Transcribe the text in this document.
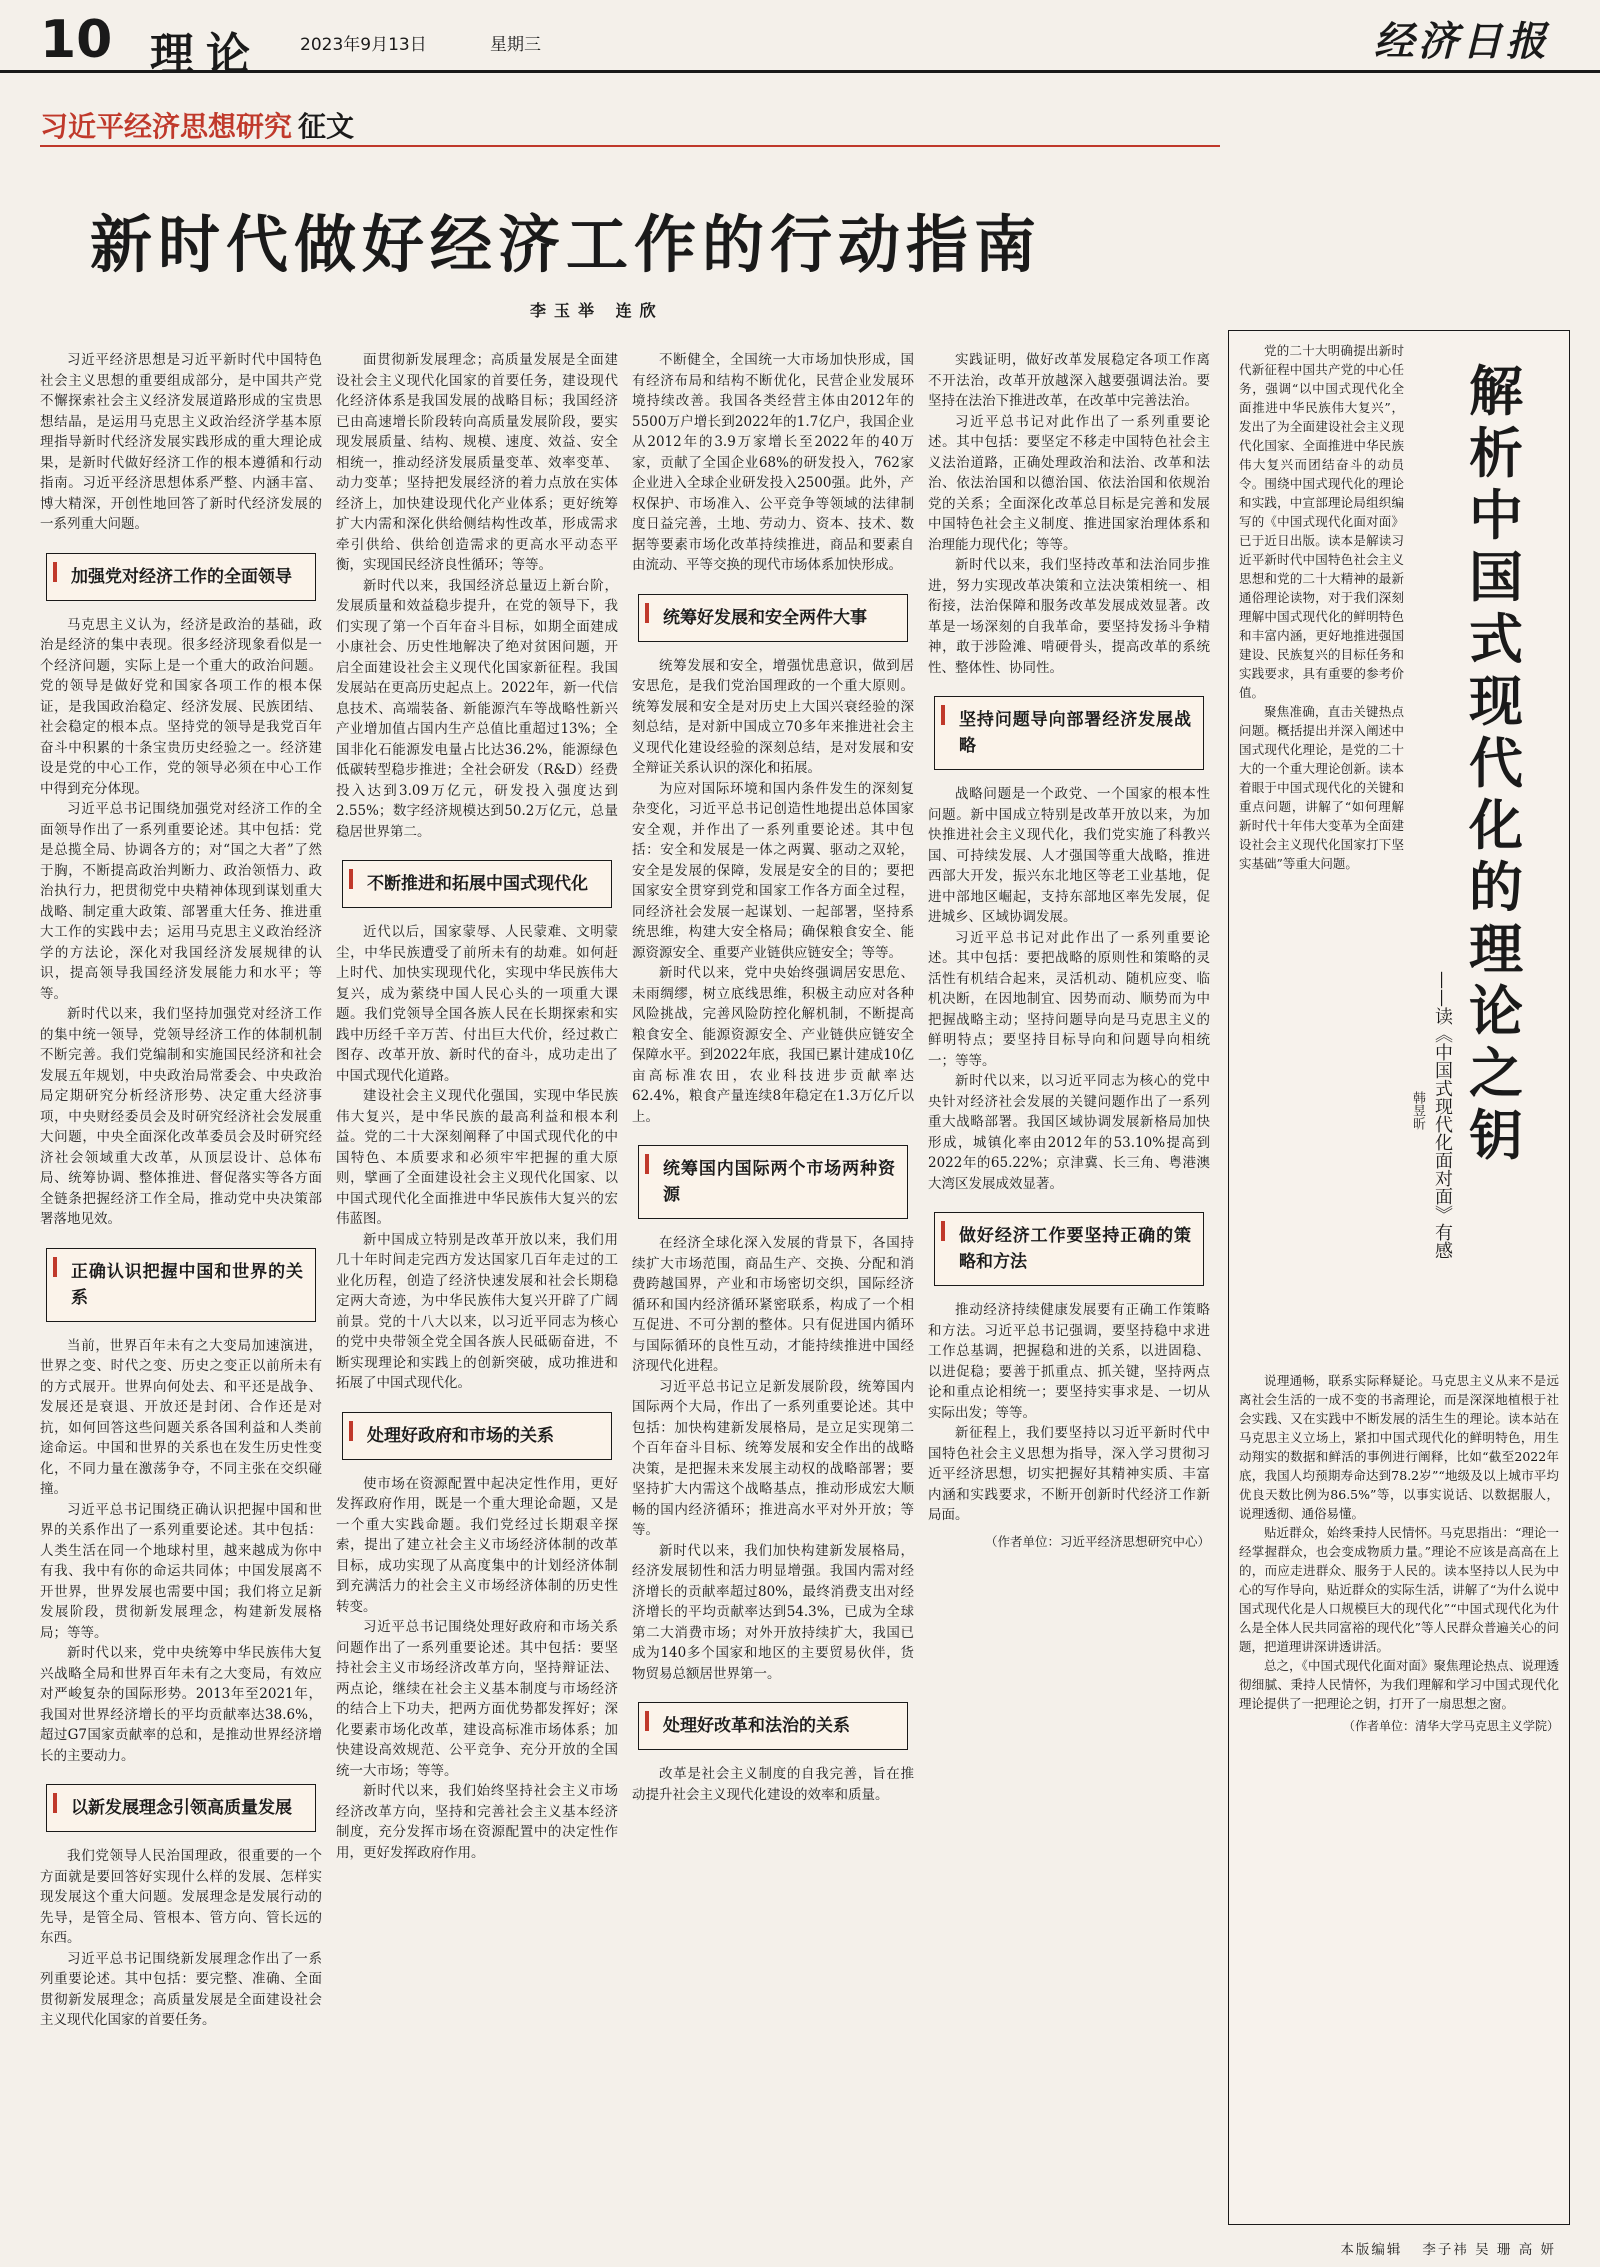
10 理论 2023年9月13日	星期三	经济日报
习近平经济思想研究 征文
新时代做好经济工作的行动指南
李玉举 连欣

习近平经济思想是习近平新时代中国特色社会主义思想的重要组成部分，是中国共产党不懈探索社会主义经济发展道路形成的宝贵思想结晶，是运用马克思主义政治经济学基本原理指导新时代经济发展实践形成的重大理论成果，是新时代做好经济工作的根本遵循和行动指南。习近平经济思想体系严整、内涵丰富、博大精深，开创性地回答了新时代经济发展的一系列重大问题。

加强党对经济工作的全面领导

马克思主义认为，经济是政治的基础，政治是经济的集中表现。很多经济现象看似是一个经济问题，实际上是一个重大的政治问题。党的领导是做好党和国家各项工作的根本保证，是我国政治稳定、经济发展、民族团结、社会稳定的根本点。坚持党的领导是我党百年奋斗中积累的十条宝贵历史经验之一。经济建设是党的中心工作，党的领导必须在中心工作中得到充分体现。

习近平总书记围绕加强党对经济工作的全面领导作出了一系列重要论述。其中包括：党是总揽全局、协调各方的；对“国之大者”了然于胸，不断提高政治判断力、政治领悟力、政治执行力，把贯彻党中央精神体现到谋划重大战略、制定重大政策、部署重大任务、推进重大工作的实践中去；运用马克思主义政治经济学的方法论，深化对我国经济发展规律的认识，提高领导我国经济发展能力和水平；等等。

新时代以来，我们坚持加强党对经济工作的集中统一领导，党领导经济工作的体制机制不断完善。我们党编制和实施国民经济和社会发展五年规划，中央政治局常委会、中央政治局定期研究分析经济形势、决定重大经济事项，中央财经委员会及时研究经济社会发展重大问题，中央全面深化改革委员会及时研究经济社会领域重大改革，从顶层设计、总体布局、统筹协调、整体推进、督促落实等各方面全链条把握经济工作全局，推动党中央决策部署落地见效。

正确认识把握中国和世界的关系

当前，世界百年未有之大变局加速演进，世界之变、时代之变、历史之变正以前所未有的方式展开。世界向何处去、和平还是战争、发展还是衰退、开放还是封闭、合作还是对抗，如何回答这些问题关系各国利益和人类前途命运。中国和世界的关系也在发生历史性变化，不同力量在激荡争夺，不同主张在交织碰撞。

习近平总书记围绕正确认识把握中国和世界的关系作出了一系列重要论述。其中包括：人类生活在同一个地球村里，越来越成为你中有我、我中有你的命运共同体；中国发展离不开世界，世界发展也需要中国；我们将立足新发展阶段，贯彻新发展理念，构建新发展格局；等等。

新时代以来，党中央统筹中华民族伟大复兴战略全局和世界百年未有之大变局，有效应对严峻复杂的国际形势。2013年至2021年，我国对世界经济增长的平均贡献率达38.6%，超过G7国家贡献率的总和，是推动世界经济增长的主要动力。

以新发展理念引领高质量发展

我们党领导人民治国理政，很重要的一个方面就是要回答好实现什么样的发展、怎样实现发展这个重大问题。发展理念是发展行动的先导，是管全局、管根本、管方向、管长远的东西。

习近平总书记围绕新发展理念作出了一系列重要论述。其中包括：要完整、准确、全面贯彻新发展理念；高质量发展是全面建设社会主义现代化国家的首要任务。

面贯彻新发展理念；高质量发展是全面建设社会主义现代化国家的首要任务，建设现代化经济体系是我国发展的战略目标；我国经济已由高速增长阶段转向高质量发展阶段，要实现发展质量、结构、规模、速度、效益、安全相统一，推动经济发展质量变革、效率变革、动力变革；坚持把发展经济的着力点放在实体经济上，加快建设现代化产业体系；更好统筹扩大内需和深化供给侧结构性改革，形成需求牵引供给、供给创造需求的更高水平动态平衡，实现国民经济良性循环；等等。

新时代以来，我国经济总量迈上新台阶，发展质量和效益稳步提升，在党的领导下，我们实现了第一个百年奋斗目标，如期全面建成小康社会、历史性地解决了绝对贫困问题，开启全面建设社会主义现代化国家新征程。我国发展站在更高历史起点上。2022年，新一代信息技术、高端装备、新能源汽车等战略性新兴产业增加值占国内生产总值比重超过13%；全国非化石能源发电量占比达36.2%，能源绿色低碳转型稳步推进；全社会研发（R&D）经费投入达到3.09万亿元，研发投入强度达到2.55%；数字经济规模达到50.2万亿元，总量稳居世界第二。

不断推进和拓展中国式现代化

近代以后，国家蒙辱、人民蒙难、文明蒙尘，中华民族遭受了前所未有的劫难。如何赶上时代、加快实现现代化，实现中华民族伟大复兴，成为萦绕中国人民心头的一项重大课题。我们党领导全国各族人民在长期探索和实践中历经千辛万苦、付出巨大代价，经过救亡图存、改革开放、新时代的奋斗，成功走出了中国式现代化道路。

建设社会主义现代化强国，实现中华民族伟大复兴，是中华民族的最高利益和根本利益。党的二十大深刻阐释了中国式现代化的中国特色、本质要求和必须牢牢把握的重大原则，擘画了全面建设社会主义现代化国家、以中国式现代化全面推进中华民族伟大复兴的宏伟蓝图。

新中国成立特别是改革开放以来，我们用几十年时间走完西方发达国家几百年走过的工业化历程，创造了经济快速发展和社会长期稳定两大奇迹，为中华民族伟大复兴开辟了广阔前景。党的十八大以来，以习近平同志为核心的党中央带领全党全国各族人民砥砺奋进，不断实现理论和实践上的创新突破，成功推进和拓展了中国式现代化。

处理好政府和市场的关系

使市场在资源配置中起决定性作用，更好发挥政府作用，既是一个重大理论命题，又是一个重大实践命题。我们党经过长期艰辛探索，提出了建立社会主义市场经济体制的改革目标，成功实现了从高度集中的计划经济体制到充满活力的社会主义市场经济体制的历史性转变。

习近平总书记围绕处理好政府和市场关系问题作出了一系列重要论述。其中包括：要坚持社会主义市场经济改革方向，坚持辩证法、两点论，继续在社会主义基本制度与市场经济的结合上下功夫，把两方面优势都发挥好；深化要素市场化改革，建设高标准市场体系；加快建设高效规范、公平竞争、充分开放的全国统一大市场；等等。

新时代以来，我们始终坚持社会主义市场经济改革方向，坚持和完善社会主义基本经济制度，充分发挥市场在资源配置中的决定性作用，更好发挥政府作用。

不断健全，全国统一大市场加快形成，国有经济布局和结构不断优化，民营企业发展环境持续改善。我国各类经营主体由2012年的5500万户增长到2022年的1.7亿户，我国企业从2012年的3.9万家增长至2022年的40万家，贡献了全国企业68%的研发投入，762家企业进入全球企业研发投入2500强。此外，产权保护、市场准入、公平竞争等领域的法律制度日益完善，土地、劳动力、资本、技术、数据等要素市场化改革持续推进，商品和要素自由流动、平等交换的现代市场体系加快形成。

统筹好发展和安全两件大事

统筹发展和安全，增强忧患意识，做到居安思危，是我们党治国理政的一个重大原则。统筹发展和安全是对历史上大国兴衰经验的深刻总结，是对新中国成立70多年来推进社会主义现代化建设经验的深刻总结，是对发展和安全辩证关系认识的深化和拓展。

为应对国际环境和国内条件发生的深刻复杂变化，习近平总书记创造性地提出总体国家安全观，并作出了一系列重要论述。其中包括：安全和发展是一体之两翼、驱动之双轮，安全是发展的保障，发展是安全的目的；要把国家安全贯穿到党和国家工作各方面全过程，同经济社会发展一起谋划、一起部署，坚持系统思维，构建大安全格局；确保粮食安全、能源资源安全、重要产业链供应链安全；等等。

新时代以来，党中央始终强调居安思危、未雨绸缪，树立底线思维，积极主动应对各种风险挑战，完善风险防控化解机制，不断提高粮食安全、能源资源安全、产业链供应链安全保障水平。到2022年底，我国已累计建成10亿亩高标准农田，农业科技进步贡献率达62.4%，粮食产量连续8年稳定在1.3万亿斤以上。

统筹国内国际两个市场两种资源

在经济全球化深入发展的背景下，各国持续扩大市场范围，商品生产、交换、分配和消费跨越国界，产业和市场密切交织，国际经济循环和国内经济循环紧密联系，构成了一个相互促进、不可分割的整体。只有促进国内循环与国际循环的良性互动，才能持续推进中国经济现代化进程。

习近平总书记立足新发展阶段，统筹国内国际两个大局，作出了一系列重要论述。其中包括：加快构建新发展格局，是立足实现第二个百年奋斗目标、统筹发展和安全作出的战略决策，是把握未来发展主动权的战略部署；要坚持扩大内需这个战略基点，推动形成宏大顺畅的国内经济循环；推进高水平对外开放；等等。

新时代以来，我们加快构建新发展格局，经济发展韧性和活力明显增强。我国内需对经济增长的贡献率超过80%，最终消费支出对经济增长的平均贡献率达到54.3%，已成为全球第二大消费市场；对外开放持续扩大，我国已成为140多个国家和地区的主要贸易伙伴，货物贸易总额居世界第一。

处理好改革和法治的关系

改革是社会主义制度的自我完善，旨在推动提升社会主义现代化建设的效率和质量。

实践证明，做好改革发展稳定各项工作离不开法治，改革开放越深入越要强调法治。要坚持在法治下推进改革，在改革中完善法治。

习近平总书记对此作出了一系列重要论述。其中包括：要坚定不移走中国特色社会主义法治道路，正确处理政治和法治、改革和法治、依法治国和以德治国、依法治国和依规治党的关系；全面深化改革总目标是完善和发展中国特色社会主义制度、推进国家治理体系和治理能力现代化；等等。

新时代以来，我们坚持改革和法治同步推进，努力实现改革决策和立法决策相统一、相衔接，法治保障和服务改革发展成效显著。改革是一场深刻的自我革命，要坚持发扬斗争精神，敢于涉险滩、啃硬骨头，提高改革的系统性、整体性、协同性。

坚持问题导向部署经济发展战略

战略问题是一个政党、一个国家的根本性问题。新中国成立特别是改革开放以来，为加快推进社会主义现代化，我们党实施了科教兴国、可持续发展、人才强国等重大战略，推进西部大开发，振兴东北地区等老工业基地，促进中部地区崛起，支持东部地区率先发展，促进城乡、区域协调发展。

习近平总书记对此作出了一系列重要论述。其中包括：要把战略的原则性和策略的灵活性有机结合起来，灵活机动、随机应变、临机决断，在因地制宜、因势而动、顺势而为中把握战略主动；坚持问题导向是马克思主义的鲜明特点；要坚持目标导向和问题导向相统一；等等。

新时代以来，以习近平同志为核心的党中央针对经济社会发展的关键问题作出了一系列重大战略部署。我国区域协调发展新格局加快形成，城镇化率由2012年的53.10%提高到2022年的65.22%；京津冀、长三角、粤港澳大湾区发展成效显著。

做好经济工作要坚持正确的策略和方法

推动经济持续健康发展要有正确工作策略和方法。习近平总书记强调，要坚持稳中求进工作总基调，把握稳和进的关系，以进固稳、以进促稳；要善于抓重点、抓关键，坚持两点论和重点论相统一；要坚持实事求是、一切从实际出发；等等。

新征程上，我们要坚持以习近平新时代中国特色社会主义思想为指导，深入学习贯彻习近平经济思想，切实把握好其精神实质、丰富内涵和实践要求，不断开创新时代经济工作新局面。

（作者单位：习近平经济思想研究中心）

党的二十大明确提出新时代新征程中国共产党的中心任务，强调“以中国式现代化全面推进中华民族伟大复兴”，发出了为全面建设社会主义现代化国家、全面推进中华民族伟大复兴而团结奋斗的动员令。围绕中国式现代化的理论和实践，中宣部理论局组织编写的《中国式现代化面对面》已于近日出版。读本是解读习近平新时代中国特色社会主义思想和党的二十大精神的最新通俗理论读物，对于我们深刻理解中国式现代化的鲜明特色和丰富内涵，更好地推进强国建设、民族复兴的目标任务和实践要求，具有重要的参考价值。

聚焦准确，直击关键热点问题。概括提出并深入阐述中国式现代化理论，是党的二十大的一个重大理论创新。读本着眼于中国式现代化的关键和重点问题，讲解了“如何理解新时代十年伟大变革为全面建设社会主义现代化国家打下坚实基础”等重大问题。

解析中国式现代化的理论之钥
——读《中国式现代化面对面》有感
韩昱昕

说理通畅，联系实际释疑论。马克思主义从来不是远离社会生活的一成不变的书斋理论，而是深深地植根于社会实践、又在实践中不断发展的活生生的理论。读本站在马克思主义立场上，紧扣中国式现代化的鲜明特色，用生动翔实的数据和鲜活的事例进行阐释，比如“截至2022年底，我国人均预期寿命达到78.2岁”“地级及以上城市平均优良天数比例为86.5%”等，以事实说话、以数据服人，说理透彻、通俗易懂。

贴近群众，始终秉持人民情怀。马克思指出：“理论一经掌握群众，也会变成物质力量。”理论不应该是高高在上的，而应走进群众、服务于人民的。读本坚持以人民为中心的写作导向，贴近群众的实际生活，讲解了“为什么说中国式现代化是人口规模巨大的现代化”“中国式现代化为什么是全体人民共同富裕的现代化”等人民群众普遍关心的问题，把道理讲深讲透讲活。

总之，《中国式现代化面对面》聚焦理论热点、说理透彻细腻、秉持人民情怀，为我们理解和学习中国式现代化理论提供了一把理论之钥，打开了一扇思想之窗。

（作者单位：清华大学马克思主义学院）
本版编辑 李子祎 吴 珊 高 妍
